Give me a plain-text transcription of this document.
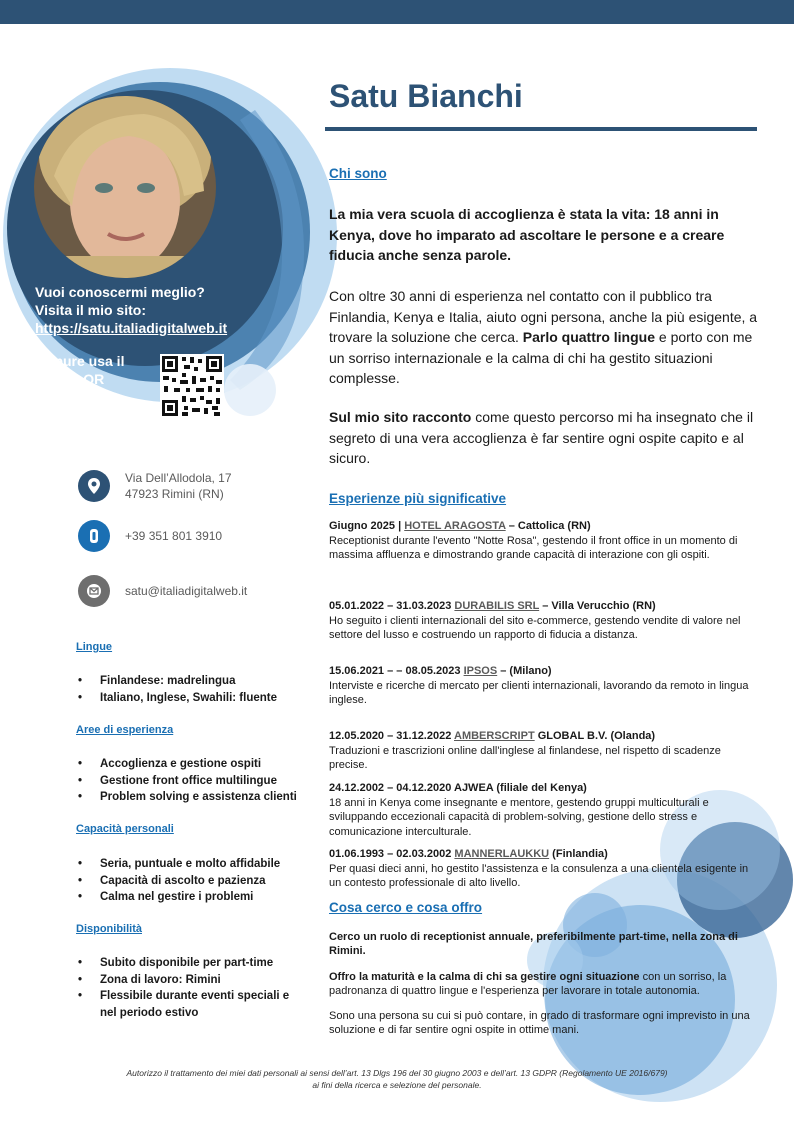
Vuoi conoscermi meglio?
Visita il mio sito:
https://satu.italiadigitalweb.it
Oppure usa il
codice QR
Via Dell’Allodola, 17
47923 Rimini (RN)
+39 351 801 3910
satu@italiadigitalweb.it
Lingue
• Finlandese: madrelingua
• Italiano, Inglese, Swahili: fluente
Aree di esperienza
• Accoglienza e gestione ospiti
• Gestione front office multilingue
• Problem solving e assistenza clienti
Capacità personali
• Seria, puntuale e molto affidabile
• Capacità di ascolto e pazienza
• Calma nel gestire i problemi
Disponibilità
• Subito disponibile per part-time
• Zona di lavoro: Rimini
• Flessibile durante eventi speciali e nel periodo estivo
Satu Bianchi
Chi sono

La mia vera scuola di accoglienza è stata la vita: 18 anni in Kenya, dove ho imparato ad ascoltare le persone e a creare fiducia anche senza parole.

Con oltre 30 anni di esperienza nel contatto con il pubblico tra Finlandia, Kenya e Italia, aiuto ogni persona, anche la più esigente, a trovare la soluzione che cerca. Parlo quattro lingue e porto con me un sorriso internazionale e la calma di chi ha gestito situazioni complesse.

Sul mio sito racconto come questo percorso mi ha insegnato che il segreto di una vera accoglienza è far sentire ogni ospite capito e al sicuro.

Esperienze più significative
Giugno 2025 | HOTEL ARAGOSTA – Cattolica (RN)
Receptionist durante l'evento "Notte Rosa", gestendo il front office in un momento di massima affluenza e dimostrando grande capacità di interazione con gli ospiti.
05.01.2022 – 31.03.2023 DURABILIS SRL – Villa Verucchio (RN)
Ho seguito i clienti internazionali del sito e-commerce, gestendo vendite di valore nel settore del lusso e costruendo un rapporto di fiducia a distanza.
15.06.2021 – – 08.05.2023 IPSOS – (Milano)
Interviste e ricerche di mercato per clienti internazionali, lavorando da remoto in lingua inglese.
12.05.2020 – 31.12.2022 AMBERSCRIPT GLOBAL B.V. (Olanda)
Traduzioni e trascrizioni online dall'inglese al finlandese, nel rispetto di scadenze precise.
24.12.2002 – 04.12.2020 AJWEA (filiale del Kenya)
18 anni in Kenya come insegnante e mentore, gestendo gruppi multiculturali e sviluppando eccezionali capacità di problem-solving, gestione dello stress e comunicazione interculturale.
01.06.1993 – 02.03.2002 MANNERLAUKKU (Finlandia)
Per quasi dieci anni, ho gestito l'assistenza e la consulenza a una clientela esigente in un contesto professionale di alto livello.
Cosa cerco e cosa offro

Cerco un ruolo di receptionist annuale, preferibilmente part-time, nella zona di Rimini.

Offro la maturità e la calma di chi sa gestire ogni situazione con un sorriso, la padronanza di quattro lingue e l'esperienza per lavorare in totale autonomia.

Sono una persona su cui si può contare, in grado di trasformare ogni imprevisto in una soluzione e di far sentire ogni ospite in ottime mani.

Autorizzo il trattamento dei miei dati personali ai sensi dell’art. 13 Dlgs 196 del 30 giugno 2003 e dell’art. 13 GDPR (Regolamento UE 2016/679)
ai fini della ricerca e selezione del personale.
